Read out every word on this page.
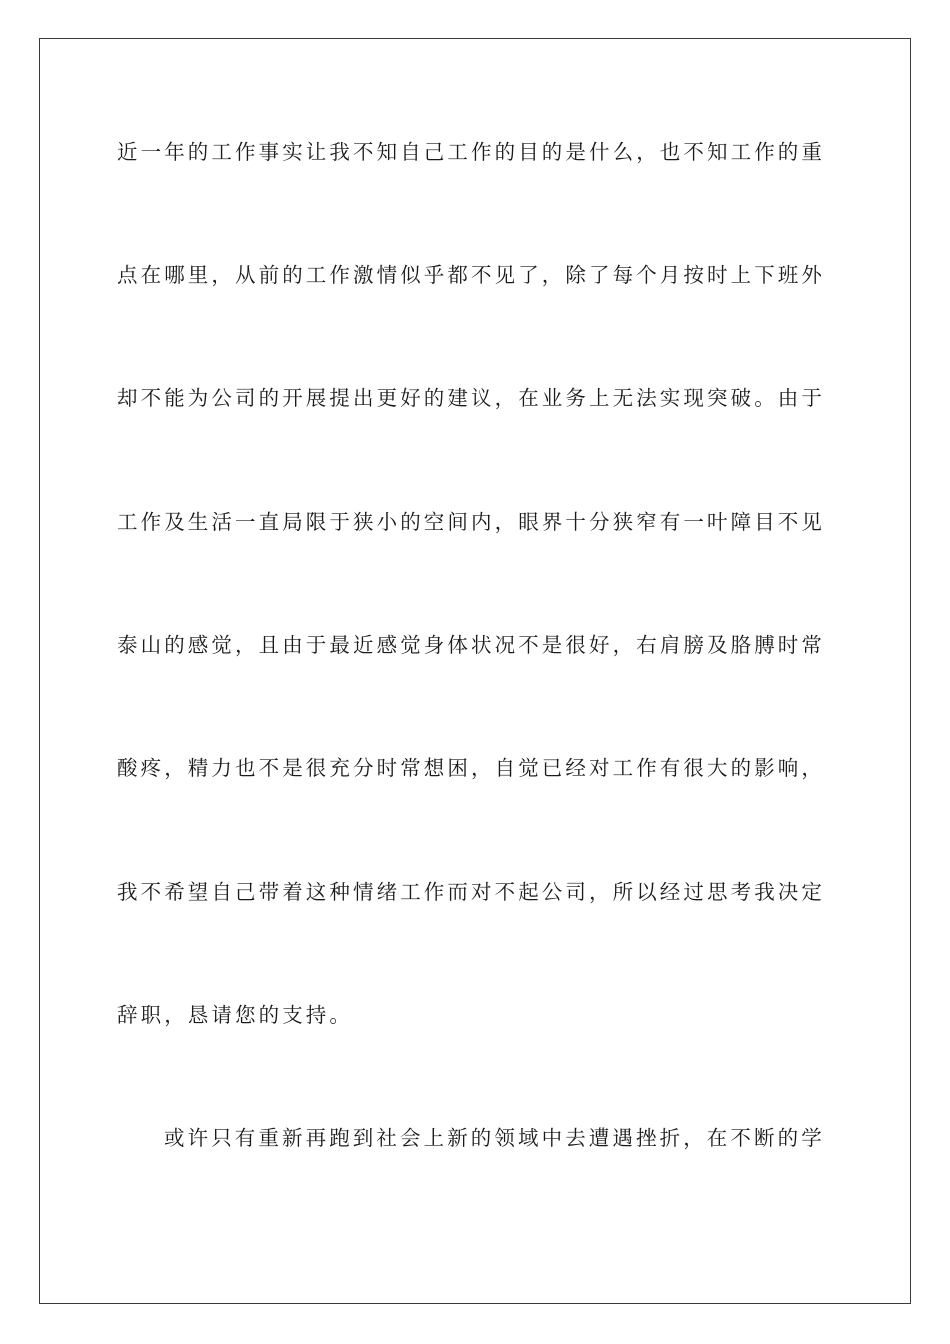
近一年的工作事实让我不知自己工作的目的是什么，也不知工作的重
点在哪里，从前的工作激情似乎都不见了，除了每个月按时上下班外
却不能为公司的开展提出更好的建议，在业务上无法实现突破。由于
工作及生活一直局限于狭小的空间内，眼界十分狭窄有一叶障目不见
泰山的感觉，且由于最近感觉身体状况不是很好，右肩膀及胳膊时常
酸疼，精力也不是很充分时常想困，自觉已经对工作有很大的影响，
我不希望自己带着这种情绪工作而对不起公司，所以经过思考我决定
辞职，恳请您的支持。
或许只有重新再跑到社会上新的领域中去遭遇挫折，在不断的学
